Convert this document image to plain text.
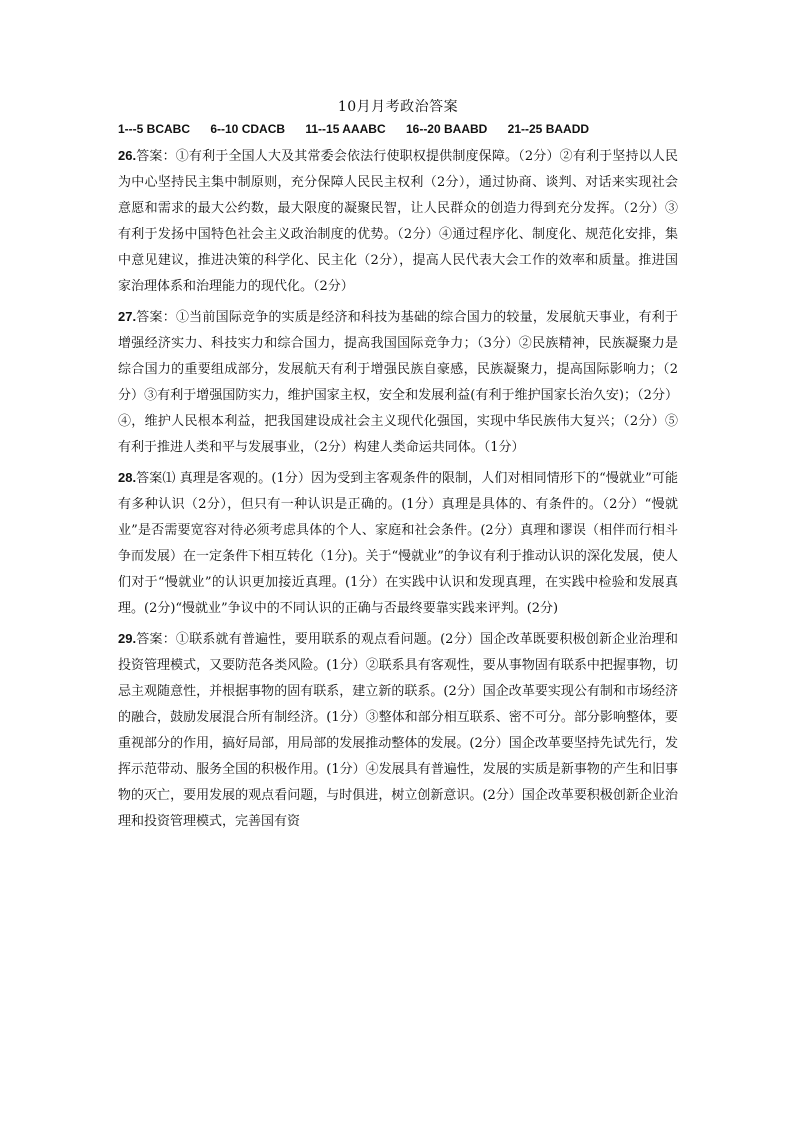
10月月考政治答案
1---5 BCABC 6--10 CDACB 11--15 AAABC 16--20 BAABD 21--25 BAADD

26.答案：①有利于全国人大及其常委会依法行使职权提供制度保障。（2分）②有利于坚持以人民为中心坚持民主集中制原则，充分保障人民民主权利（2分），通过协商、谈判、对话来实现社会意愿和需求的最大公约数，最大限度的凝聚民智，让人民群众的创造力得到充分发挥。（2分）③有利于发扬中国特色社会主义政治制度的优势。（2分）④通过程序化、制度化、规范化安排，集中意见建议，推进决策的科学化、民主化（2分），提高人民代表大会工作的效率和质量。推进国家治理体系和治理能力的现代化。（2分）

27.答案：①当前国际竞争的实质是经济和科技为基础的综合国力的较量，发展航天事业，有利于增强经济实力、科技实力和综合国力，提高我国国际竞争力；（3分）②民族精神，民族凝聚力是综合国力的重要组成部分，发展航天有利于增强民族自豪感，民族凝聚力，提高国际影响力；（2分）③有利于增强国防实力，维护国家主权，安全和发展利益(有利于维护国家长治久安)；（2分）④，维护人民根本利益，把我国建设成社会主义现代化强国，实现中华民族伟大复兴；（2分）⑤有利于推进人类和平与发展事业，（2分）构建人类命运共同体。（1分）

28.答案⑴ 真理是客观的。(1分）因为受到主客观条件的限制，人们对相同情形下的“慢就业”可能有多种认识（2分），但只有一种认识是正确的。(1分）真理是具体的、有条件的。（2分）“慢就业”是否需要宽容对待必须考虑具体的个人、家庭和社会条件。(2分）真理和谬误（相伴而行相斗争而发展）在一定条件下相互转化（1分)。关于“慢就业”的争议有利于推动认识的深化发展，使人们对于“慢就业”的认识更加接近真理。(1分）在实践中认识和发现真理，在实践中检验和发展真理。(2分)“慢就业”争议中的不同认识的正确与否最终要靠实践来评判。(2分)

29.答案：①联系就有普遍性，要用联系的观点看问题。(2分）国企改革既要积极创新企业治理和投资管理模式，又要防范各类风险。(1分）②联系具有客观性，要从事物固有联系中把握事物，切忌主观随意性，并根据事物的固有联系，建立新的联系。(2分）国企改革要实现公有制和市场经济的融合，鼓励发展混合所有制经济。(1分）③整体和部分相互联系、密不可分。部分影响整体，要重视部分的作用，搞好局部，用局部的发展推动整体的发展。(2分）国企改革要坚持先试先行，发挥示范带动、服务全国的积极作用。(1分）④发展具有普遍性，发展的实质是新事物的产生和旧事物的灭亡，要用发展的观点看问题，与时俱进，树立创新意识。(2分）国企改革要积极创新企业治理和投资管理模式，完善国有资
